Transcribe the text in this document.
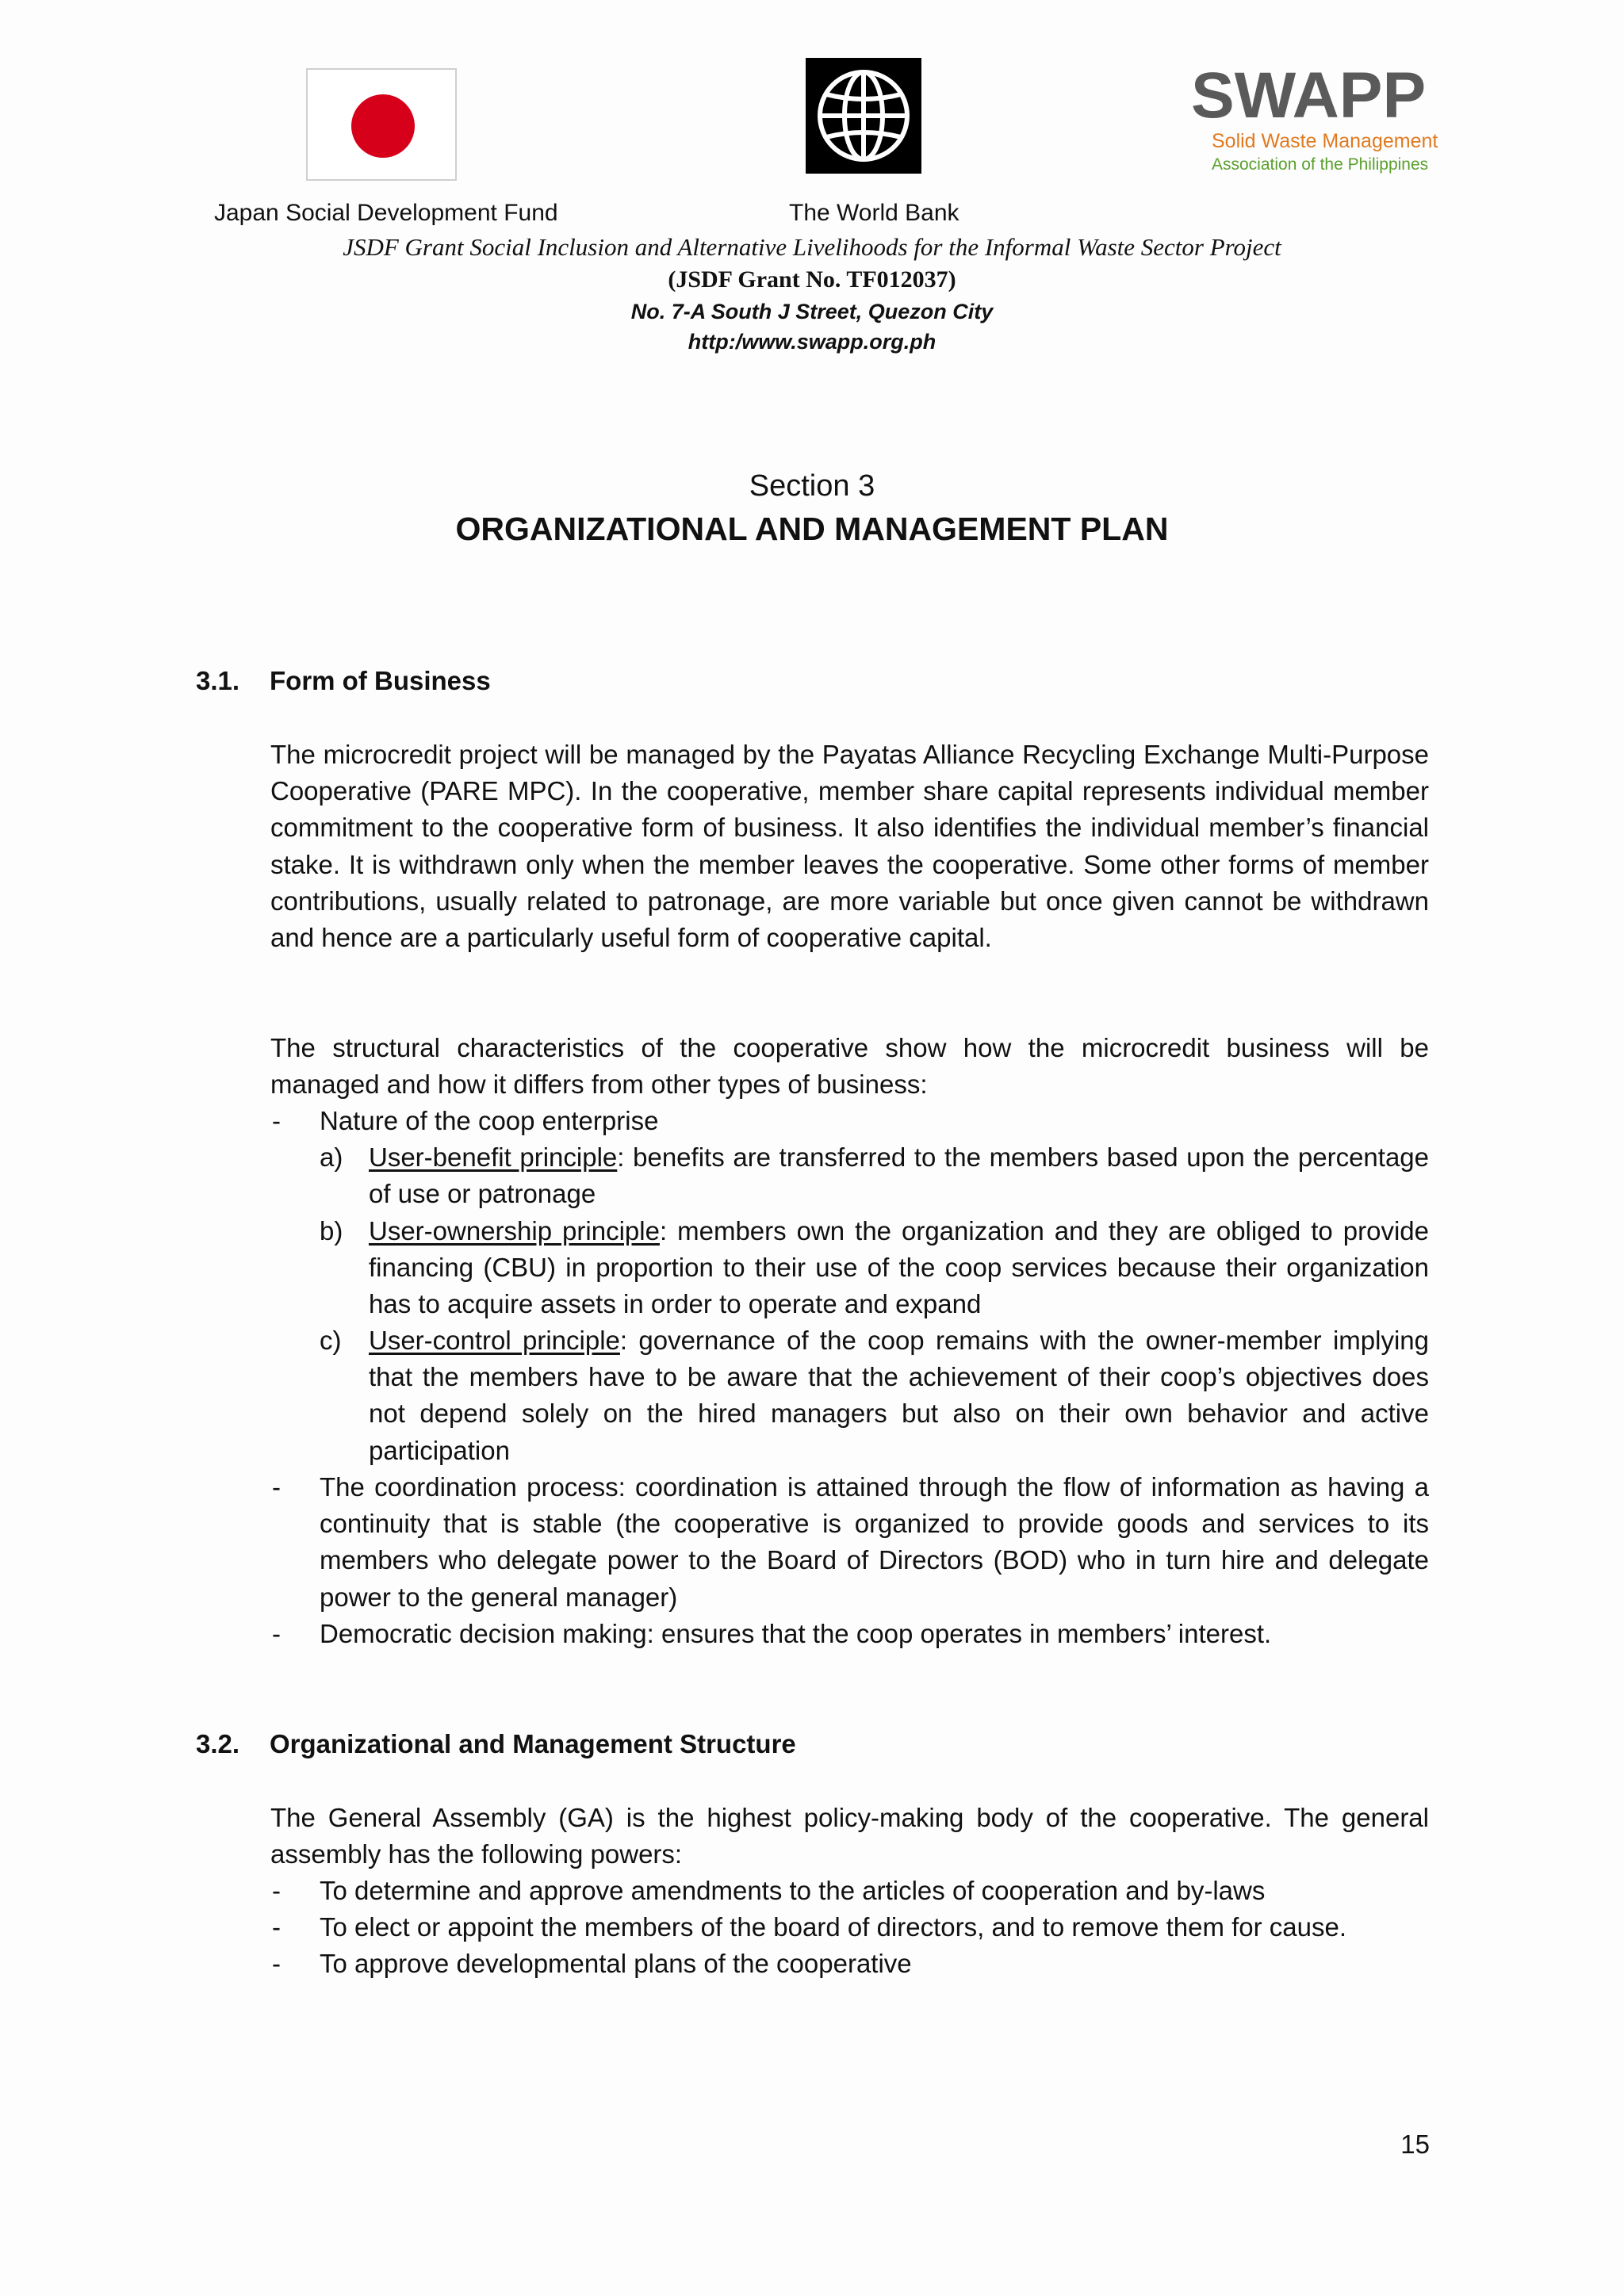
SWAPP
Solid Waste Management
Association of the Philippines
Japan Social Development Fund	The World Bank
JSDF Grant Social Inclusion and Alternative Livelihoods for the Informal Waste Sector Project
(JSDF Grant No. TF012037)
No. 7-A South J Street, Quezon City
http:/www.swapp.org.ph
Section 3
ORGANIZATIONAL AND MANAGEMENT PLAN
3.1. Form of Business
The microcredit project will be managed by the Payatas Alliance Recycling Exchange Multi-Purpose Cooperative (PARE MPC). In the cooperative, member share capital represents individual member commitment to the cooperative form of business. It also identifies the individual member’s financial stake. It is withdrawn only when the member leaves the cooperative. Some other forms of member contributions, usually related to patronage, are more variable but once given cannot be withdrawn and hence are a particularly useful form of cooperative capital.
The structural characteristics of the cooperative show how the microcredit business will be managed and how it differs from other types of business:
- Nature of the coop enterprise
a) User-benefit principle: benefits are transferred to the members based upon the percentage of use or patronage
b) User-ownership principle: members own the organization and they are obliged to provide financing (CBU) in proportion to their use of the coop services because their organization has to acquire assets in order to operate and expand
c) User-control principle: governance of the coop remains with the owner-member implying that the members have to be aware that the achievement of their coop’s objectives does not depend solely on the hired managers but also on their own behavior and active participation
- The coordination process: coordination is attained through the flow of information as having a continuity that is stable (the cooperative is organized to provide goods and services to its members who delegate power to the Board of Directors (BOD) who in turn hire and delegate power to the general manager)
- Democratic decision making: ensures that the coop operates in members’ interest.
3.2. Organizational and Management Structure
The General Assembly (GA) is the highest policy-making body of the cooperative. The general assembly has the following powers:
- To determine and approve amendments to the articles of cooperation and by-laws
- To elect or appoint the members of the board of directors, and to remove them for cause.
- To approve developmental plans of the cooperative
15
